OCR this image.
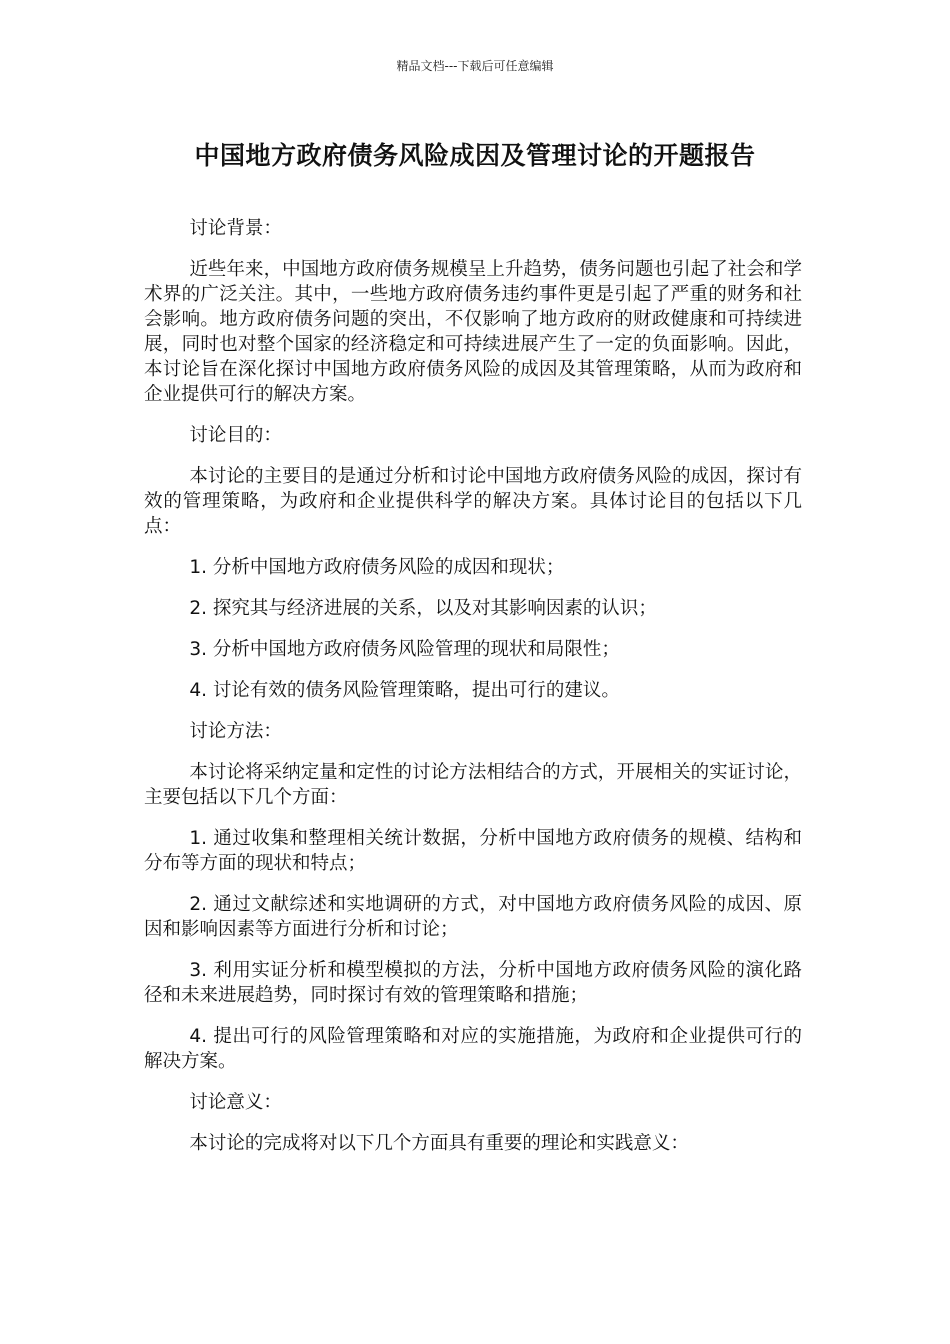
精品文档---下载后可任意编辑
中国地方政府债务风险成因及管理讨论的开题报告

讨论背景：

近些年来，中国地方政府债务规模呈上升趋势，债务问题也引起了社会和学术界的广泛关注。其中，一些地方政府债务违约事件更是引起了严重的财务和社会影响。地方政府债务问题的突出，不仅影响了地方政府的财政健康和可持续进展，同时也对整个国家的经济稳定和可持续进展产生了一定的负面影响。因此，本讨论旨在深化探讨中国地方政府债务风险的成因及其管理策略，从而为政府和企业提供可行的解决方案。

讨论目的：

本讨论的主要目的是通过分析和讨论中国地方政府债务风险的成因，探讨有效的管理策略，为政府和企业提供科学的解决方案。具体讨论目的包括以下几点：

1. 分析中国地方政府债务风险的成因和现状；

2. 探究其与经济进展的关系，以及对其影响因素的认识；

3. 分析中国地方政府债务风险管理的现状和局限性；

4. 讨论有效的债务风险管理策略，提出可行的建议。

讨论方法：

本讨论将采纳定量和定性的讨论方法相结合的方式，开展相关的实证讨论，主要包括以下几个方面：

1. 通过收集和整理相关统计数据，分析中国地方政府债务的规模、结构和分布等方面的现状和特点；

2. 通过文献综述和实地调研的方式，对中国地方政府债务风险的成因、原因和影响因素等方面进行分析和讨论；

3. 利用实证分析和模型模拟的方法，分析中国地方政府债务风险的演化路径和未来进展趋势，同时探讨有效的管理策略和措施；

4. 提出可行的风险管理策略和对应的实施措施，为政府和企业提供可行的解决方案。

讨论意义：

本讨论的完成将对以下几个方面具有重要的理论和实践意义：
